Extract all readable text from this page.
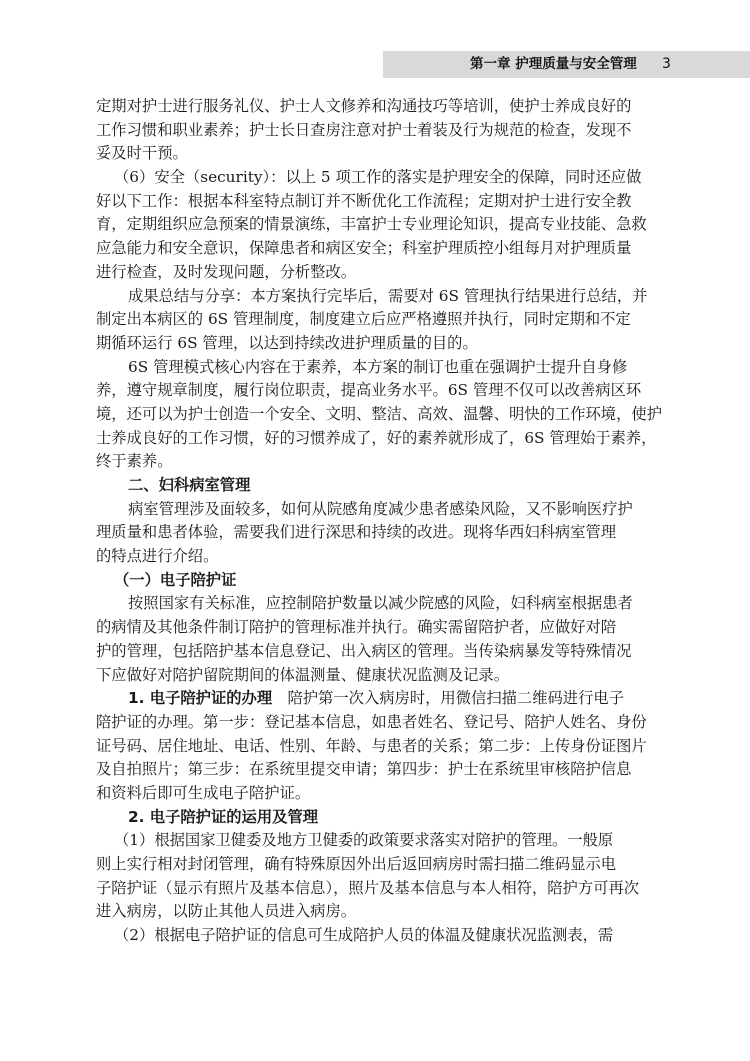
第一章 护理质量与安全管理 3
定期对护士进行服务礼仪、护士人文修养和沟通技巧等培训，使护士养成良好的
工作习惯和职业素养；护士长日查房注意对护士着装及行为规范的检查，发现不
妥及时干预。
（6）安全（security）：以上 5 项工作的落实是护理安全的保障，同时还应做
好以下工作：根据本科室特点制订并不断优化工作流程；定期对护士进行安全教
育，定期组织应急预案的情景演练，丰富护士专业理论知识，提高专业技能、急救
应急能力和安全意识，保障患者和病区安全；科室护理质控小组每月对护理质量
进行检查，及时发现问题，分析整改。
成果总结与分享：本方案执行完毕后，需要对 6S 管理执行结果进行总结，并
制定出本病区的 6S 管理制度，制度建立后应严格遵照并执行，同时定期和不定
期循环运行 6S 管理，以达到持续改进护理质量的目的。
6S 管理模式核心内容在于素养，本方案的制订也重在强调护士提升自身修
养，遵守规章制度，履行岗位职责，提高业务水平。6S 管理不仅可以改善病区环
境，还可以为护士创造一个安全、文明、整洁、高效、温馨、明快的工作环境，使护
士养成良好的工作习惯，好的习惯养成了，好的素养就形成了，6S 管理始于素养，
终于素养。
二、妇科病室管理
病室管理涉及面较多，如何从院感角度减少患者感染风险，又不影响医疗护
理质量和患者体验，需要我们进行深思和持续的改进。现将华西妇科病室管理
的特点进行介绍。
（一）电子陪护证
按照国家有关标准，应控制陪护数量以减少院感的风险，妇科病室根据患者
的病情及其他条件制订陪护的管理标准并执行。确实需留陪护者，应做好对陪
护的管理，包括陪护基本信息登记、出入病区的管理。当传染病暴发等特殊情况
下应做好对陪护留院期间的体温测量、健康状况监测及记录。
1. 电子陪护证的办理　陪护第一次入病房时，用微信扫描二维码进行电子
陪护证的办理。第一步：登记基本信息，如患者姓名、登记号、陪护人姓名、身份
证号码、居住地址、电话、性别、年龄、与患者的关系；第二步：上传身份证图片
及自拍照片；第三步：在系统里提交申请；第四步：护士在系统里审核陪护信息
和资料后即可生成电子陪护证。
2. 电子陪护证的运用及管理
（1）根据国家卫健委及地方卫健委的政策要求落实对陪护的管理。一般原
则上实行相对封闭管理，确有特殊原因外出后返回病房时需扫描二维码显示电
子陪护证（显示有照片及基本信息），照片及基本信息与本人相符，陪护方可再次
进入病房，以防止其他人员进入病房。
（2）根据电子陪护证的信息可生成陪护人员的体温及健康状况监测表，需
